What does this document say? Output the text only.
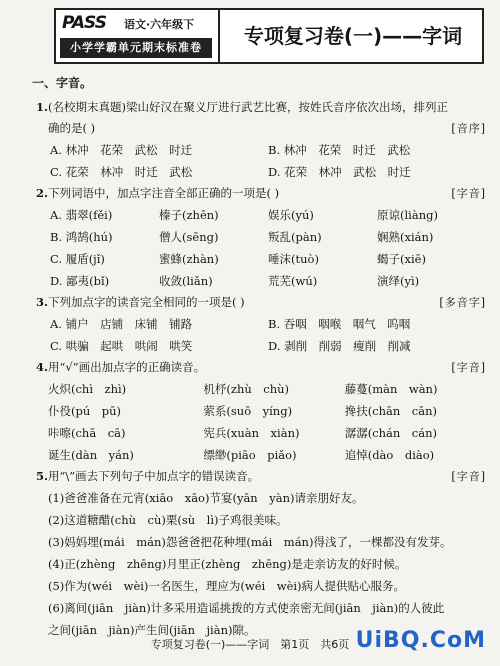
PASS 语文·六年级下
小学学霸单元期末标准卷	专项复习卷(一)——字词
一、字音。
1.(名校期末真题)梁山好汉在聚义厅进行武艺比赛，按姓氏音序依次出场，排列正
确的是( )	[音序]
A. 林冲　花荣　武松　时迁	B. 林冲　花荣　时迁　武松
C. 花荣　林冲　时迁　武松	D. 花荣　林冲　武松　时迁
2.下列词语中，加点字注音全部正确的一项是( )	[字音]
A. 翡翠(fěi)	榛子(zhēn)	娱乐(yú)	原谅(liàng)
B. 鸿鹄(hú)	僧人(sēng)	叛乱(pàn)	娴熟(xián)
C. 履盾(jǐ)	蜜蜂(zhàn)	唾沫(tuò)	蝎子(xiē)
D. 鄙夷(bǐ)	收敛(liǎn)	荒芜(wú)	演绎(yì)
3.下列加点字的读音完全相同的一项是( )	[多音字]
A. 铺户　店铺　床铺　铺路	B. 吞咽　咽喉　咽气　呜咽
C. 哄骗　起哄　哄闹　哄笑	D. 剥削　削弱　瘦削　削减
4.用“√”画出加点字的正确读音。	[字音]
火炽(chì　zhì)	机杼(zhù　chù)	藤蔓(màn　wàn)
仆役(pú　pū)	萦系(suō　yíng)	搀扶(chān　cān)
咔嚓(chā　cā)	宪兵(xuàn　xiàn)	潺潺(chán　cán)
诞生(dàn　yán)	缥缈(piāo　piǎo)	追悼(dào　diào)
5.用“\”画去下列句子中加点字的错误读音。	[字音]
(1)爸爸准备在元宵(xiāo　xāo)节宴(yān　yàn)请亲朋好友。
(2)这道糖醋(chù　cù)栗(sù　lì)子鸡很美味。
(3)妈妈埋(mái　mán)怨爸爸把花种埋(mái　mán)得浅了，一棵都没有发芽。
(4)正(zhèng　zhēng)月里正(zhèng　zhēng)是走亲访友的好时候。
(5)作为(wéi　wèi)一名医生，理应为(wéi　wèi)病人提供贴心服务。
(6)离间(jiān　jiàn)计多采用造谣挑拨的方式使亲密无间(jiān　jiàn)的人彼此
之间(jiān　jiàn)产生间(jiān　jiàn)隙。
专项复习卷(一)——字词　第1页　共6页 UiBQ.CoM
